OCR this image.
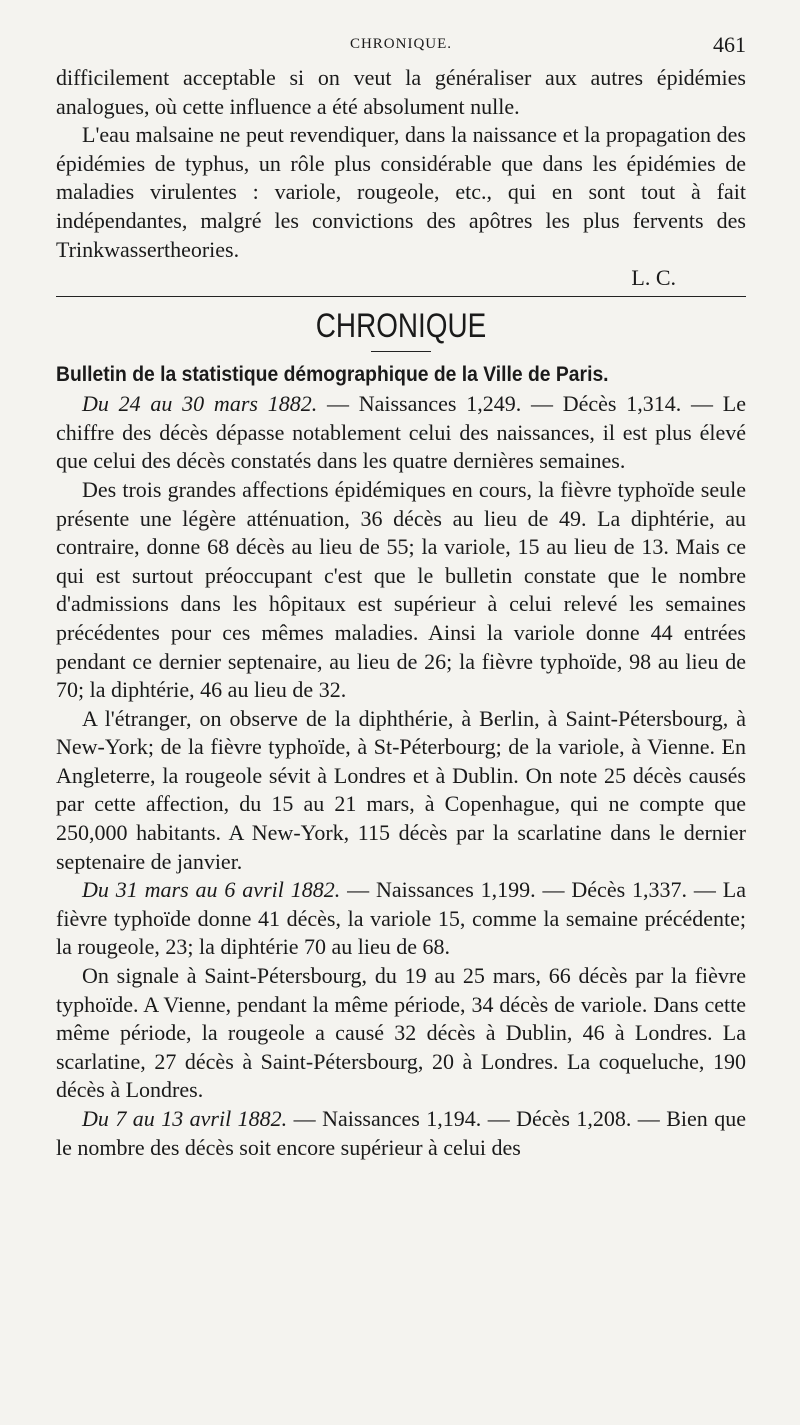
CHRONIQUE.	461

difficilement acceptable si on veut la généraliser aux autres épidémies analogues, où cette influence a été absolument nulle.

L'eau malsaine ne peut revendiquer, dans la naissance et la propagation des épidémies de typhus, un rôle plus considérable que dans les épidémies de maladies virulentes : variole, rougeole, etc., qui en sont tout à fait indépendantes, malgré les convictions des apôtres les plus fervents des Trinkwassertheories.

L. C.

CHRONIQUE

Bulletin de la statistique démographique de la Ville de Paris.

Du 24 au 30 mars 1882. — Naissances 1,249. — Décès 1,314. — Le chiffre des décès dépasse notablement celui des naissances, il est plus élevé que celui des décès constatés dans les quatre dernières semaines.

Des trois grandes affections épidémiques en cours, la fièvre typhoïde seule présente une légère atténuation, 36 décès au lieu de 49. La diphtérie, au contraire, donne 68 décès au lieu de 55; la variole, 15 au lieu de 13. Mais ce qui est surtout préoccupant c'est que le bulletin constate que le nombre d'admissions dans les hôpitaux est supérieur à celui relevé les semaines précédentes pour ces mêmes maladies. Ainsi la variole donne 44 entrées pendant ce dernier septenaire, au lieu de 26; la fièvre typhoïde, 98 au lieu de 70; la diphtérie, 46 au lieu de 32.

A l'étranger, on observe de la diphthérie, à Berlin, à Saint-Pétersbourg, à New-York; de la fièvre typhoïde, à St-Péterbourg; de la variole, à Vienne. En Angleterre, la rougeole sévit à Londres et à Dublin. On note 25 décès causés par cette affection, du 15 au 21 mars, à Copenhague, qui ne compte que 250,000 habitants. A New-York, 115 décès par la scarlatine dans le dernier septenaire de janvier.

Du 31 mars au 6 avril 1882. — Naissances 1,199. — Décès 1,337. — La fièvre typhoïde donne 41 décès, la variole 15, comme la semaine précédente; la rougeole, 23; la diphtérie 70 au lieu de 68.

On signale à Saint-Pétersbourg, du 19 au 25 mars, 66 décès par la fièvre typhoïde. A Vienne, pendant la même période, 34 décès de variole. Dans cette même période, la rougeole a causé 32 décès à Dublin, 46 à Londres. La scarlatine, 27 décès à Saint-Pétersbourg, 20 à Londres. La coqueluche, 190 décès à Londres.

Du 7 au 13 avril 1882. — Naissances 1,194. — Décès 1,208. — Bien que le nombre des décès soit encore supérieur à celui des
